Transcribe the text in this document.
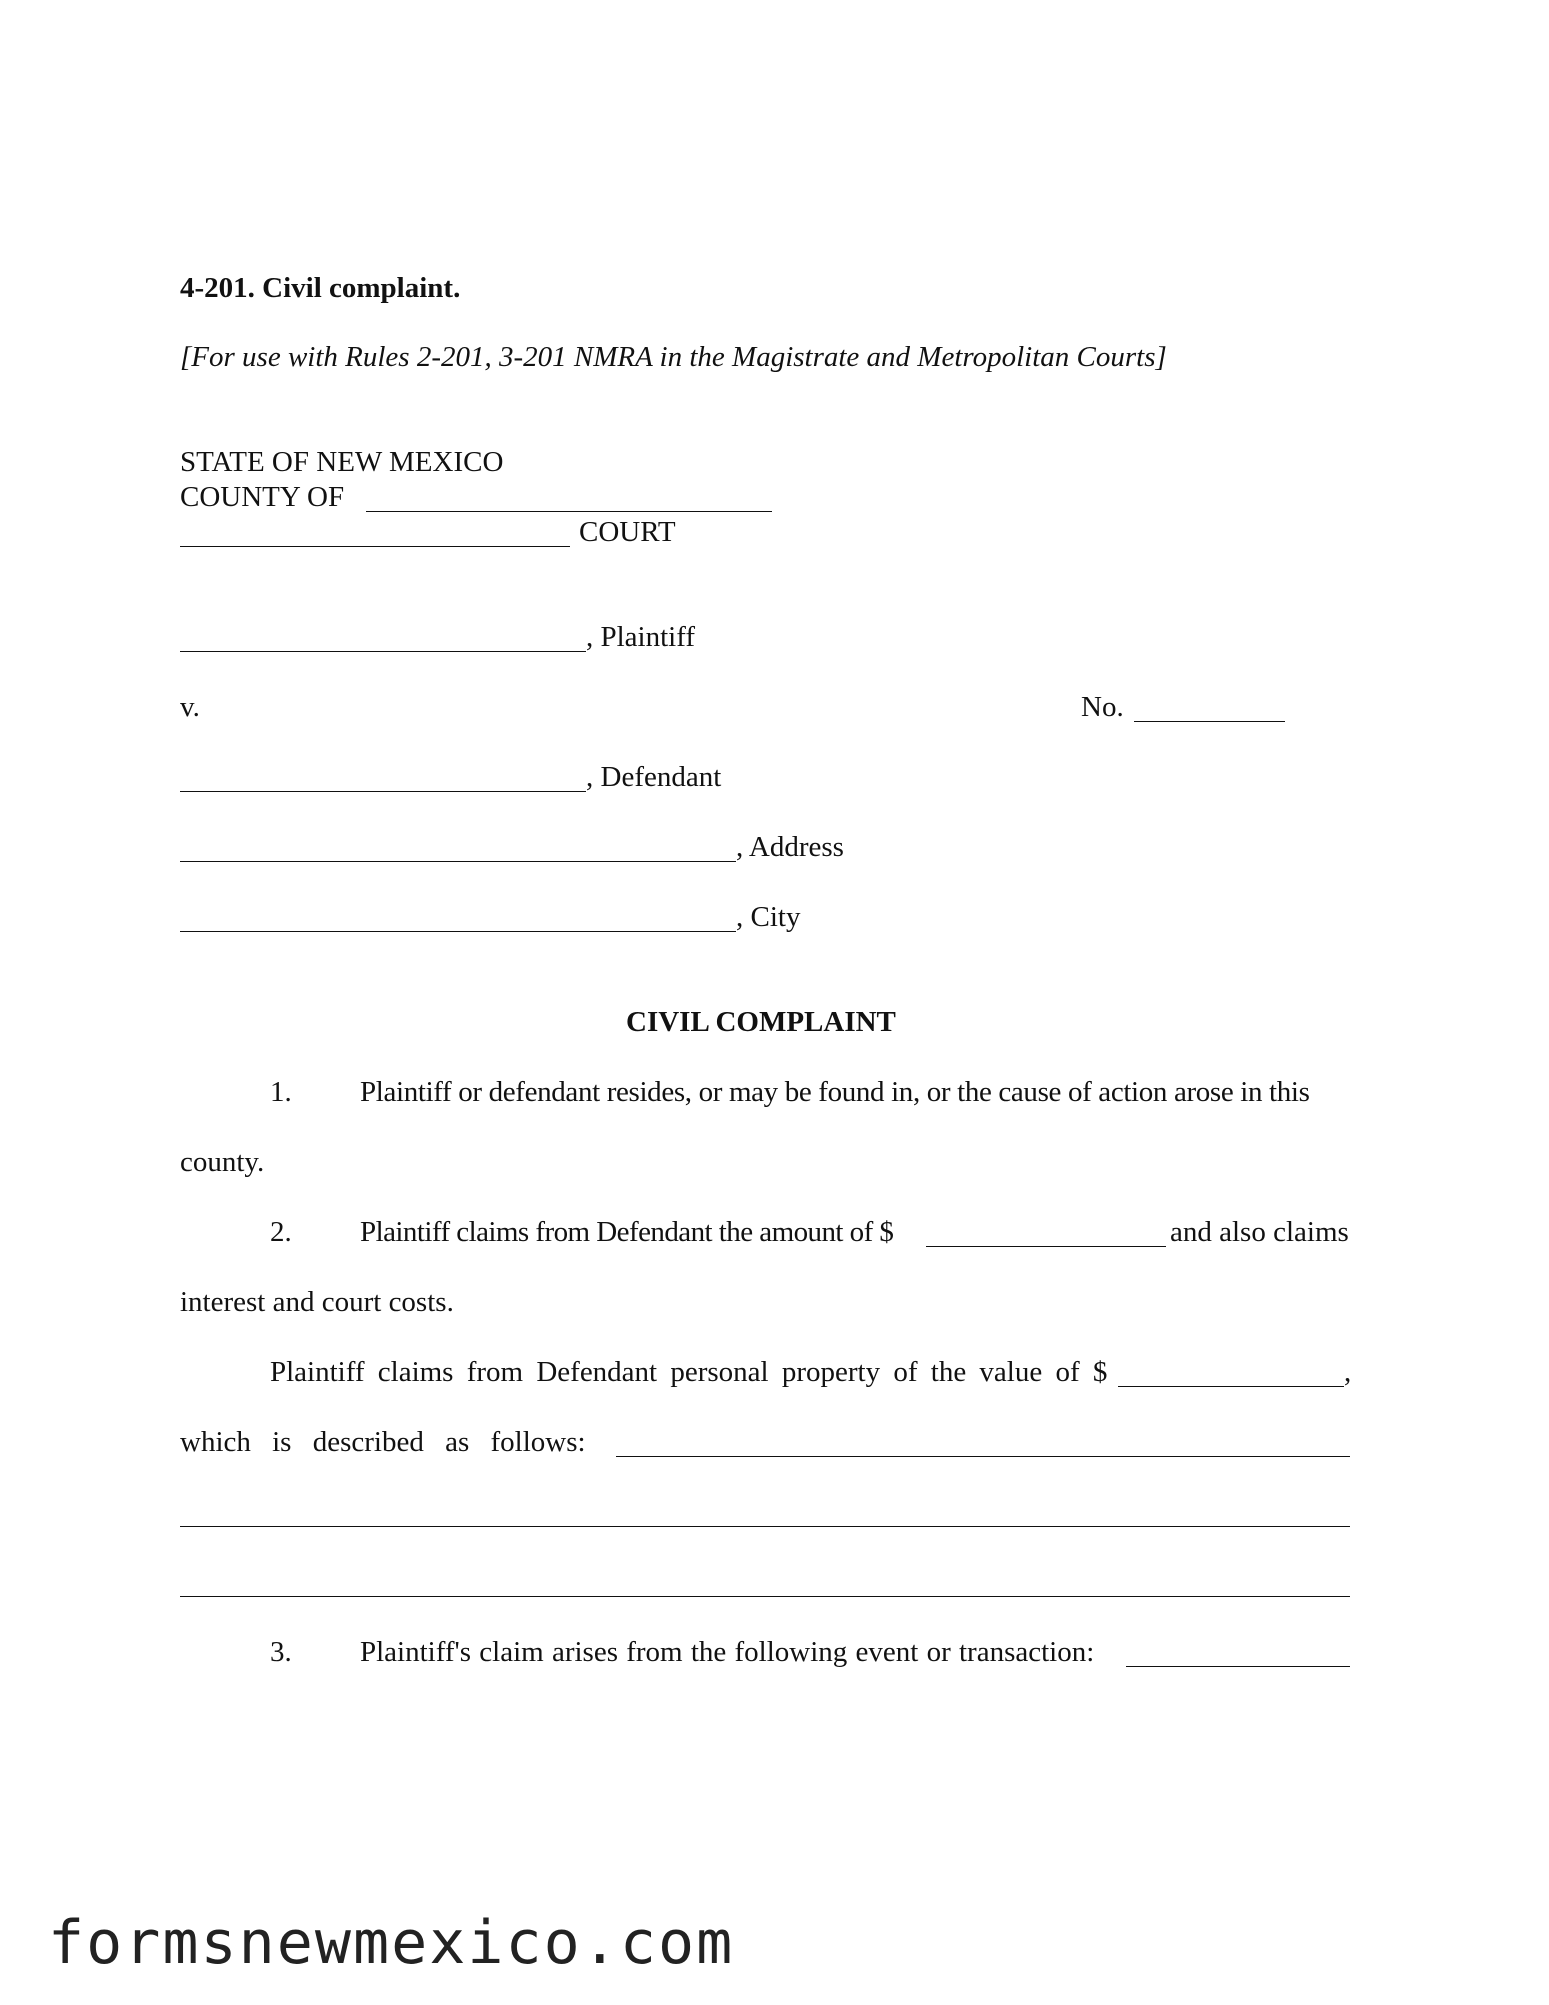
4-201. Civil complaint.
[For use with Rules 2-201, 3-201 NMRA in the Magistrate and Metropolitan Courts]
STATE OF NEW MEXICO
COUNTY OF
COURT
, Plaintiff
v.	No.
, Defendant
, Address
, City
CIVIL COMPLAINT
1. Plaintiff or defendant resides, or may be found in, or the cause of action arose in this
county.
2. Plaintiff claims from Defendant the amount of $	and also claims
interest and court costs.
Plaintiff claims from Defendant personal property of the value of $	,
which is described as follows:
3. Plaintiff's claim arises from the following event or transaction:
formsnewmexico.com
